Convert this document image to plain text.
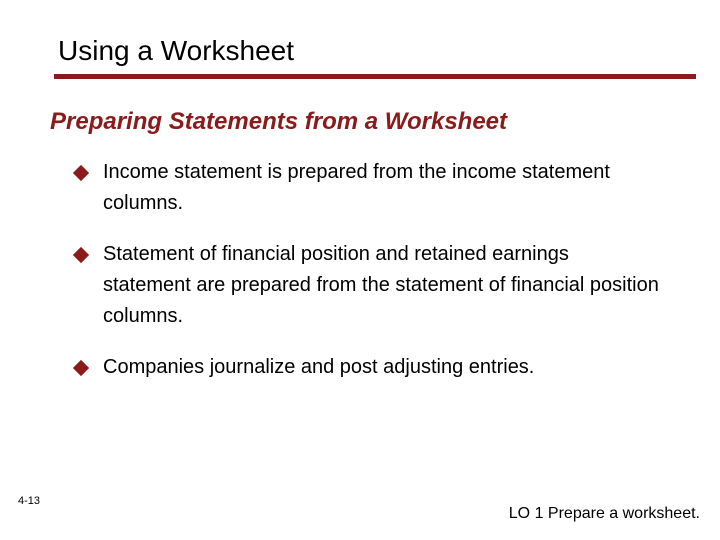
Using a Worksheet
Preparing Statements from a Worksheet
Income statement is prepared from the income statement columns.
Statement of financial position and retained earnings statement are prepared from the statement of financial position columns.
Companies journalize and post adjusting entries.
4-13
LO 1 Prepare a worksheet.
